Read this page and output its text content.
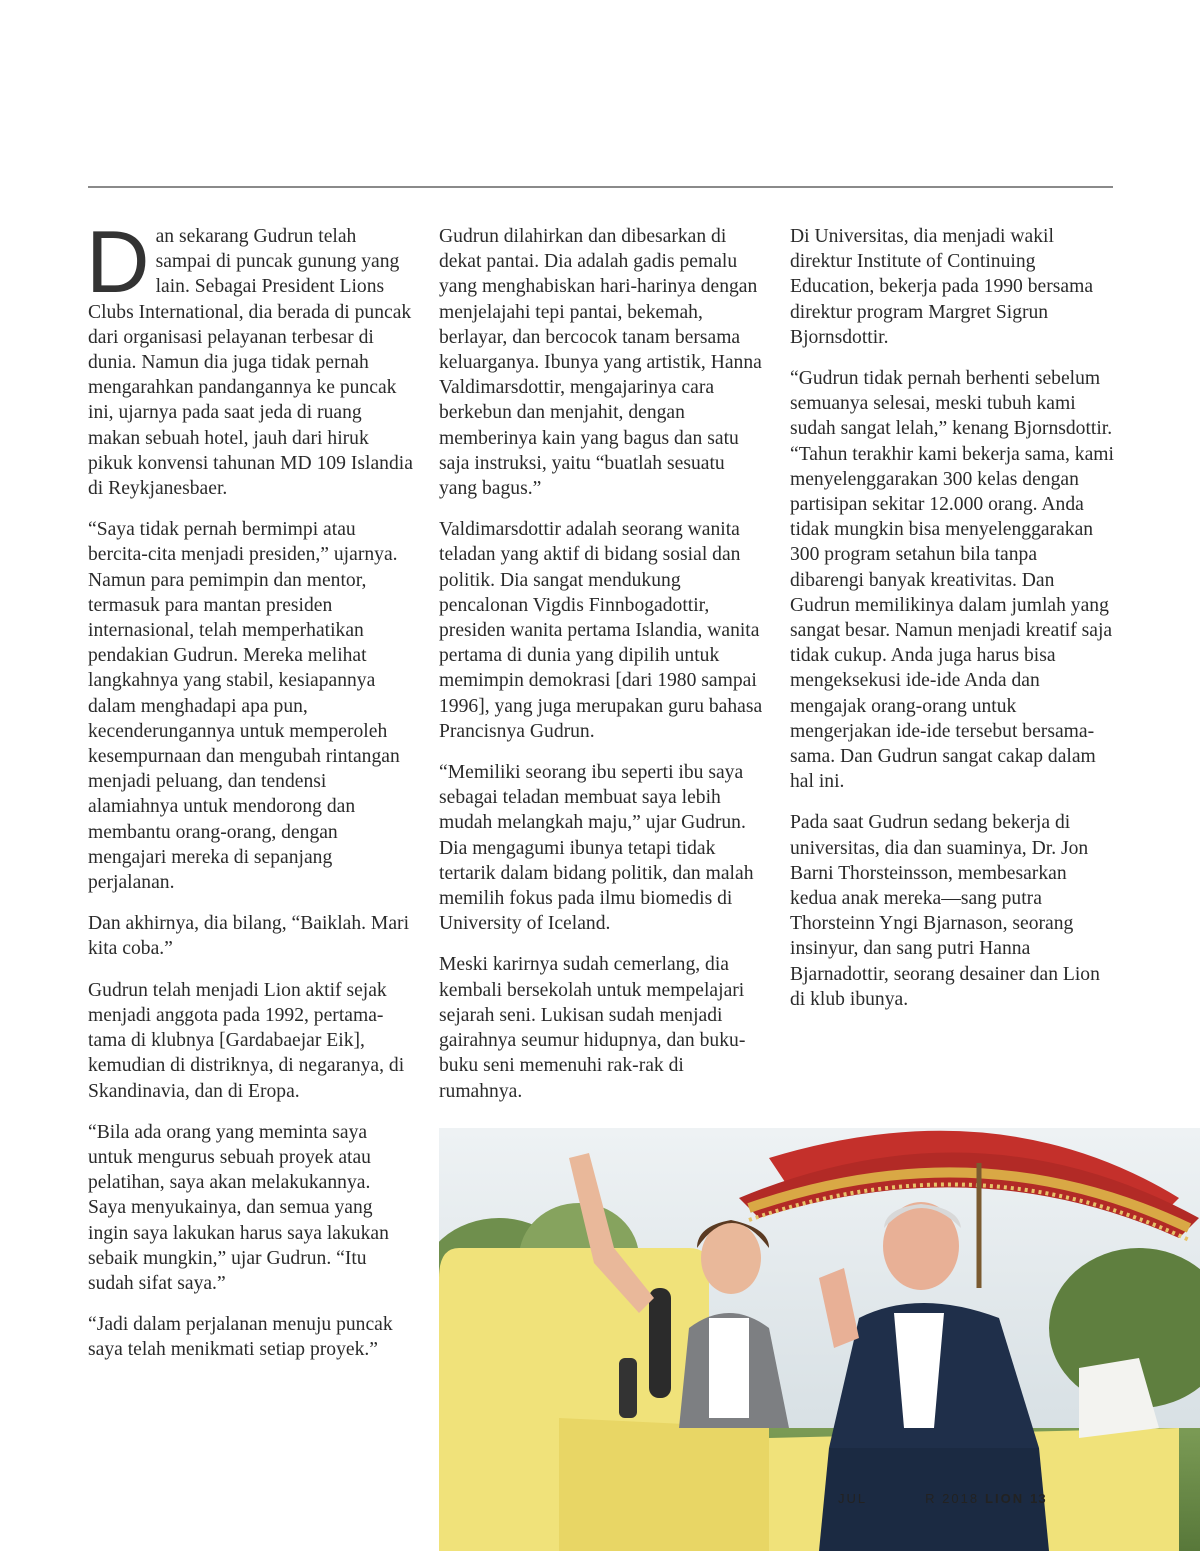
Dan sekarang Gudrun telah sampai di puncak gunung yang lain. Sebagai President Lions Clubs International, dia berada di puncak dari organisasi pelayanan terbesar di dunia. Namun dia juga tidak pernah mengarahkan pandangannya ke puncak ini, ujarnya pada saat jeda di ruang makan sebuah hotel, jauh dari hiruk pikuk konvensi tahunan MD 109 Islandia di Reykjanesbaer.

“Saya tidak pernah bermimpi atau bercita-cita menjadi presiden,” ujarnya. Namun para pemimpin dan mentor, termasuk para mantan presiden internasional, telah memperhatikan pendakian Gudrun. Mereka melihat langkahnya yang stabil, kesiapannya dalam menghadapi apa pun, kecenderungannya untuk memperoleh kesempurnaan dan mengubah rintangan menjadi peluang, dan tendensi alamiahnya untuk mendorong dan membantu orang-orang, dengan mengajari mereka di sepanjang perjalanan.

Dan akhirnya, dia bilang, “Baiklah. Mari kita coba.”

Gudrun telah menjadi Lion aktif sejak menjadi anggota pada 1992, pertama-tama di klubnya [Gardabaejar Eik], kemudian di distriknya, di negaranya, di Skandinavia, dan di Eropa.

“Bila ada orang yang meminta saya untuk mengurus sebuah proyek atau pelatihan, saya akan melakukannya. Saya menyukainya, dan semua yang ingin saya lakukan harus saya lakukan sebaik mungkin,” ujar Gudrun. “Itu sudah sifat saya.”

“Jadi dalam perjalanan menuju puncak saya telah menikmati setiap proyek.”

Gudrun dilahirkan dan dibesarkan di dekat pantai. Dia adalah gadis pemalu yang menghabiskan hari-harinya dengan menjelajahi tepi pantai, bekemah, berlayar, dan bercocok tanam bersama keluarganya. Ibunya yang artistik, Hanna Valdimarsdottir, mengajarinya cara berkebun dan menjahit, dengan memberinya kain yang bagus dan satu saja instruksi, yaitu “buatlah sesuatu yang bagus.”

Valdimarsdottir adalah seorang wanita teladan yang aktif di bidang sosial dan politik. Dia sangat mendukung pencalonan Vigdis Finnbogadottir, presiden wanita pertama Islandia, wanita pertama di dunia yang dipilih untuk memimpin demokrasi [dari 1980 sampai 1996], yang juga merupakan guru bahasa Prancisnya Gudrun.

“Memiliki seorang ibu seperti ibu saya sebagai teladan membuat saya lebih mudah melangkah maju,” ujar Gudrun. Dia mengagumi ibunya tetapi tidak tertarik dalam bidang politik, dan malah memilih fokus pada ilmu biomedis di University of Iceland.

Meski karirnya sudah cemerlang, dia kembali bersekolah untuk mempelajari sejarah seni. Lukisan sudah menjadi gairahnya seumur hidupnya, dan buku-buku seni memenuhi rak-rak di rumahnya.

Di Universitas, dia menjadi wakil direktur Institute of Continuing Education, bekerja pada 1990 bersama direktur program Margret Sigrun Bjornsdottir.

“Gudrun tidak pernah berhenti sebelum semuanya selesai, meski tubuh kami sudah sangat lelah,” kenang Bjornsdottir. “Tahun terakhir kami bekerja sama, kami menyelenggarakan 300 kelas dengan partisipan sekitar 12.000 orang. Anda tidak mungkin bisa menyelenggarakan 300 program setahun bila tanpa dibarengi banyak kreativitas. Dan Gudrun memilikinya dalam jumlah yang sangat besar. Namun menjadi kreatif saja tidak cukup. Anda juga harus bisa mengeksekusi ide-ide Anda dan mengajak orang-orang untuk mengerjakan ide-ide tersebut bersama-sama. Dan Gudrun sangat cakap dalam hal ini.

Pada saat Gudrun sedang bekerja di universitas, dia dan suaminya, Dr. Jon Barni Thorsteinsson, membesarkan kedua anak mereka—sang putra Thorsteinn Yngi Bjarnason, seorang insinyur, dan sang putri Hanna Bjarnadottir, seorang desainer dan Lion di klub ibunya.

JUL	R 2018 LION 13
